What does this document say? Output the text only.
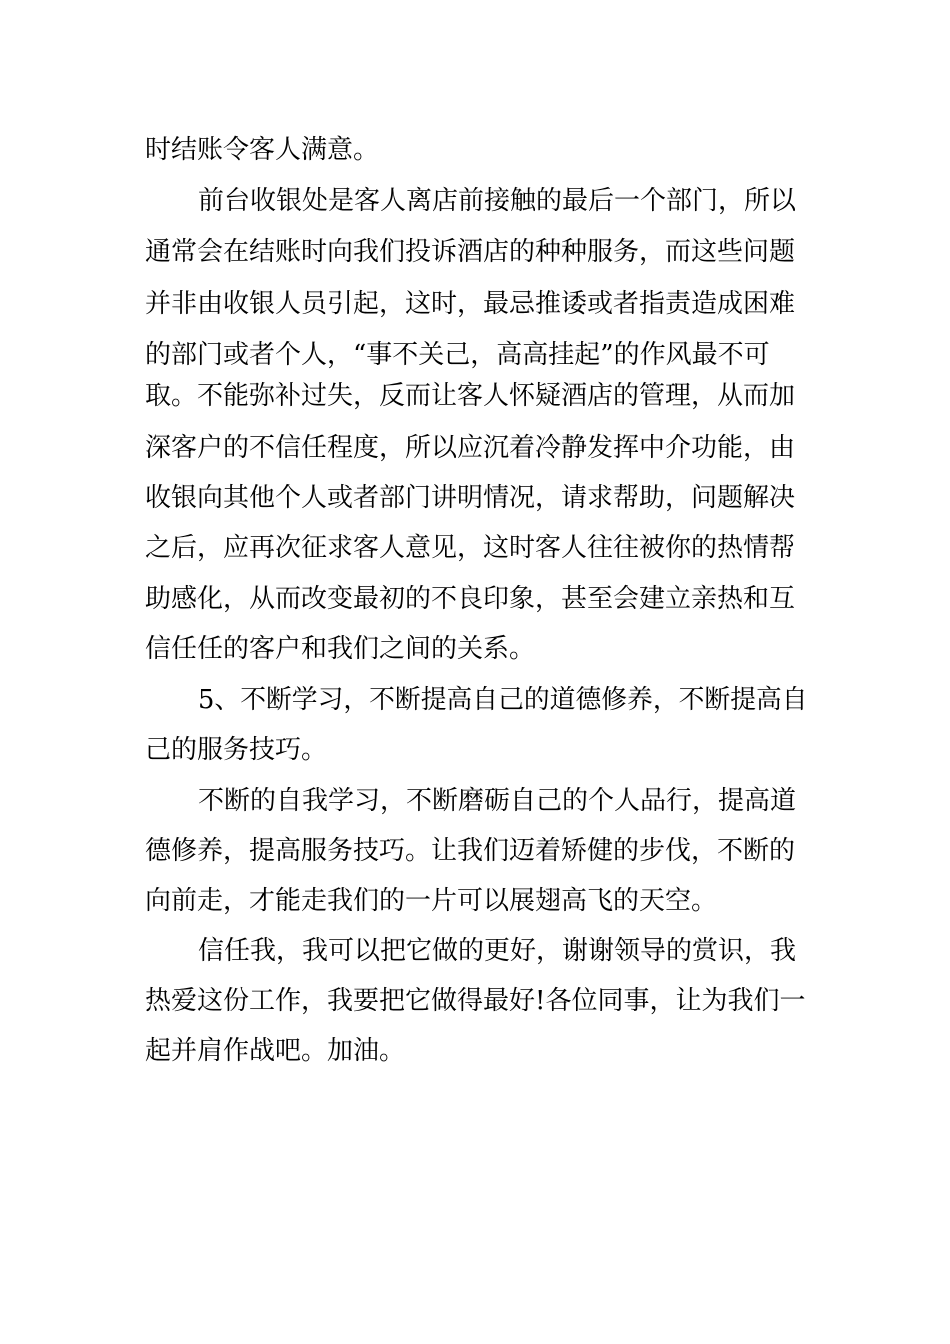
时结账令客人满意。
前台收银处是客人离店前接触的最后一个部门，所以
通常会在结账时向我们投诉酒店的种种服务，而这些问题
并非由收银人员引起，这时，最忌推诿或者指责造成困难
的部门或者个人，“事不关己，高高挂起”的作风最不可
取。不能弥补过失，反而让客人怀疑酒店的管理，从而加
深客户的不信任程度，所以应沉着冷静发挥中介功能，由
收银向其他个人或者部门讲明情况，请求帮助，问题解决
之后，应再次征求客人意见，这时客人往往被你的热情帮
助感化，从而改变最初的不良印象，甚至会建立亲热和互
信任任的客户和我们之间的关系。
5、不断学习，不断提高自己的道德修养，不断提高自
己的服务技巧。
不断的自我学习，不断磨砺自己的个人品行，提高道
德修养，提高服务技巧。让我们迈着矫健的步伐，不断的
向前走，才能走我们的一片可以展翅高飞的天空。
信任我，我可以把它做的更好，谢谢领导的赏识，我
热爱这份工作，我要把它做得最好!各位同事，让为我们一
起并肩作战吧。加油。
